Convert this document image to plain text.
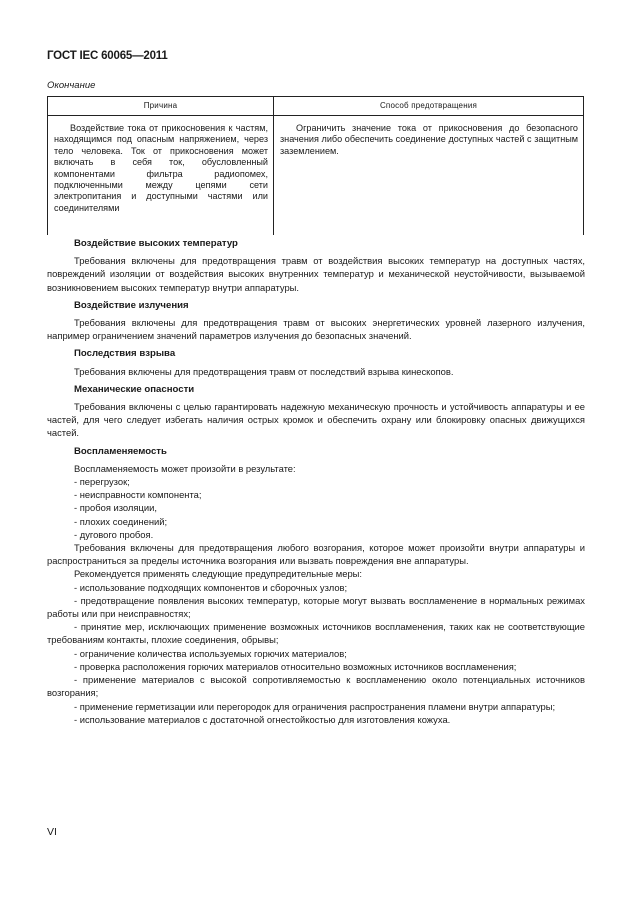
ГОСТ IEC 60065—2011
Окончание
Причина	Способ предотвращения
Воздействие тока от прикосновения к частям, находящимся под опасным напряжением, через тело человека. Ток от прикосновения может включать в себя ток, обусловленный компонентами фильтра радиопомех, подключенными между цепями сети электропитания и доступными частями или соединителями	Ограничить значение тока от прикосновения до безопасного значения либо обеспечить соединение доступных частей с защитным заземлением.
Воздействие высоких температур

Требования включены для предотвращения травм от воздействия высоких температур на доступных частях, повреждений изоляции от воздействия высоких внутренних температур и механической неустойчивости, вызываемой возникновением высоких температур внутри аппаратуры.

Воздействие излучения

Требования включены для предотвращения травм от высоких энергетических уровней лазерного излучения, например ограничением значений параметров излучения до безопасных значений.

Последствия взрыва

Требования включены для предотвращения травм от последствий взрыва кинескопов.

Механические опасности

Требования включены с целью гарантировать надежную механическую прочность и устойчивость аппаратуры и ее частей, для чего следует избегать наличия острых кромок и обеспечить охрану или блокировку опасных движущихся частей.

Воспламеняемость

Воспламеняемость может произойти в результате:

- перегрузок;
- неисправности компонента;
- пробоя изоляции,
- плохих соединений;
- дугового пробоя.

Требования включены для предотвращения любого возгорания, которое может произойти внутри аппаратуры и распространиться за пределы источника возгорания или вызвать повреждения вне аппаратуры.

Рекомендуется применять следующие предупредительные меры:

- использование подходящих компонентов и сборочных узлов;

- предотвращение появления высоких температур, которые могут вызвать воспламенение в нормальных режимах работы или при неисправностях;

- принятие мер, исключающих применение возможных источников воспламенения, таких как не соответствующие требованиям контакты, плохие соединения, обрывы;

- ограничение количества используемых горючих материалов;

- проверка расположения горючих материалов относительно возможных источников воспламенения;

- применение материалов с высокой сопротивляемостью к воспламенению около потенциальных источников возгорания;

- применение герметизации или перегородок для ограничения распространения пламени внутри аппаратуры;

- использование материалов с достаточной огнестойкостью для изготовления кожуха.

VI
